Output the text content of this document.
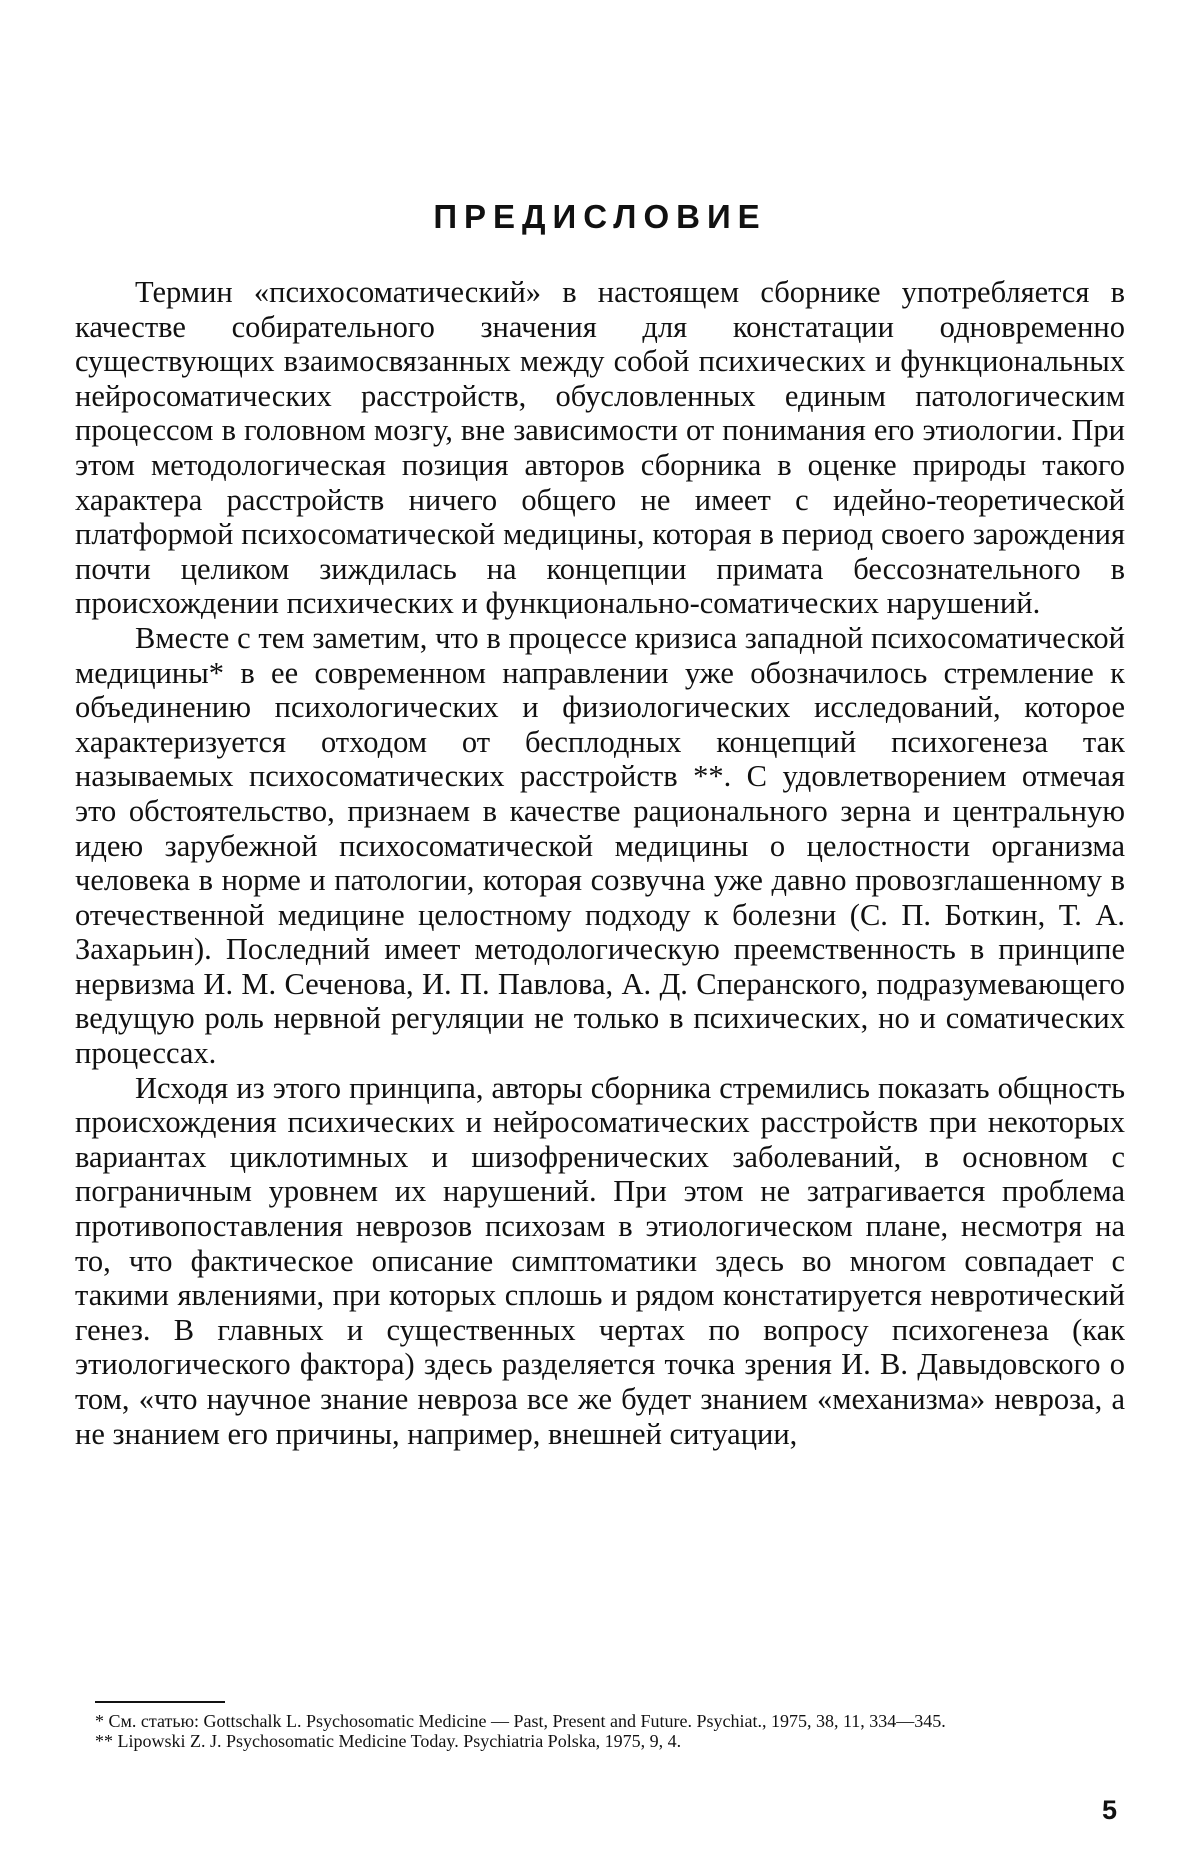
ПРЕДИСЛОВИЕ

Термин «психосоматический» в настоящем сборнике употребляется в качестве собирательного значения для констатации одновременно существующих взаимосвязанных между собой психических и функциональных нейросоматических расстройств, обусловленных единым патологическим процессом в головном мозгу, вне зависимости от понимания его этиологии. При этом методологическая позиция авторов сборника в оценке природы такого характера расстройств ничего общего не имеет с идейно-теоретической платформой психосоматической медицины, которая в период своего зарождения почти целиком зиждилась на концепции примата бессознательного в происхождении психических и функционально-соматических нарушений.

Вместе с тем заметим, что в процессе кризиса западной психосоматической медицины* в ее современном направлении уже обозначилось стремление к объединению психологических и физиологических исследований, которое характеризуется отходом от бесплодных концепций психогенеза так называемых психосоматических расстройств **. С удовлетворением отмечая это обстоятельство, признаем в качестве рационального зерна и центральную идею зарубежной психосоматической медицины о целостности организма человека в норме и патологии, которая созвучна уже давно провозглашенному в отечественной медицине целостному подходу к болезни (С. П. Боткин, Т. А. Захарьин). Последний имеет методологическую преемственность в принципе нервизма И. М. Сеченова, И. П. Павлова, А. Д. Сперанского, подразумевающего ведущую роль нервной регуляции не только в психических, но и соматических процессах.

Исходя из этого принципа, авторы сборника стремились показать общность происхождения психических и нейросоматических расстройств при некоторых вариантах циклотимных и шизофренических заболеваний, в основном с пограничным уровнем их нарушений. При этом не затрагивается проблема противопоставления неврозов психозам в этиологическом плане, несмотря на то, что фактическое описание симптоматики здесь во многом совпадает с такими явлениями, при которых сплошь и рядом констатируется невротический генез. В главных и существенных чертах по вопросу психогенеза (как этиологического фактора) здесь разделяется точка зрения И. В. Давыдовского о том, «что научное знание невроза все же будет знанием «механизма» невроза, а не знанием его причины, например, внешней ситуации,

* См. статью: Gottschalk L. Psychosomatic Medicine — Past, Present and Future. Psychiat., 1975, 38, 11, 334—345.

** Lipowski Z. J. Psychosomatic Medicine Today. Psychiatria Polska, 1975, 9, 4.

5
